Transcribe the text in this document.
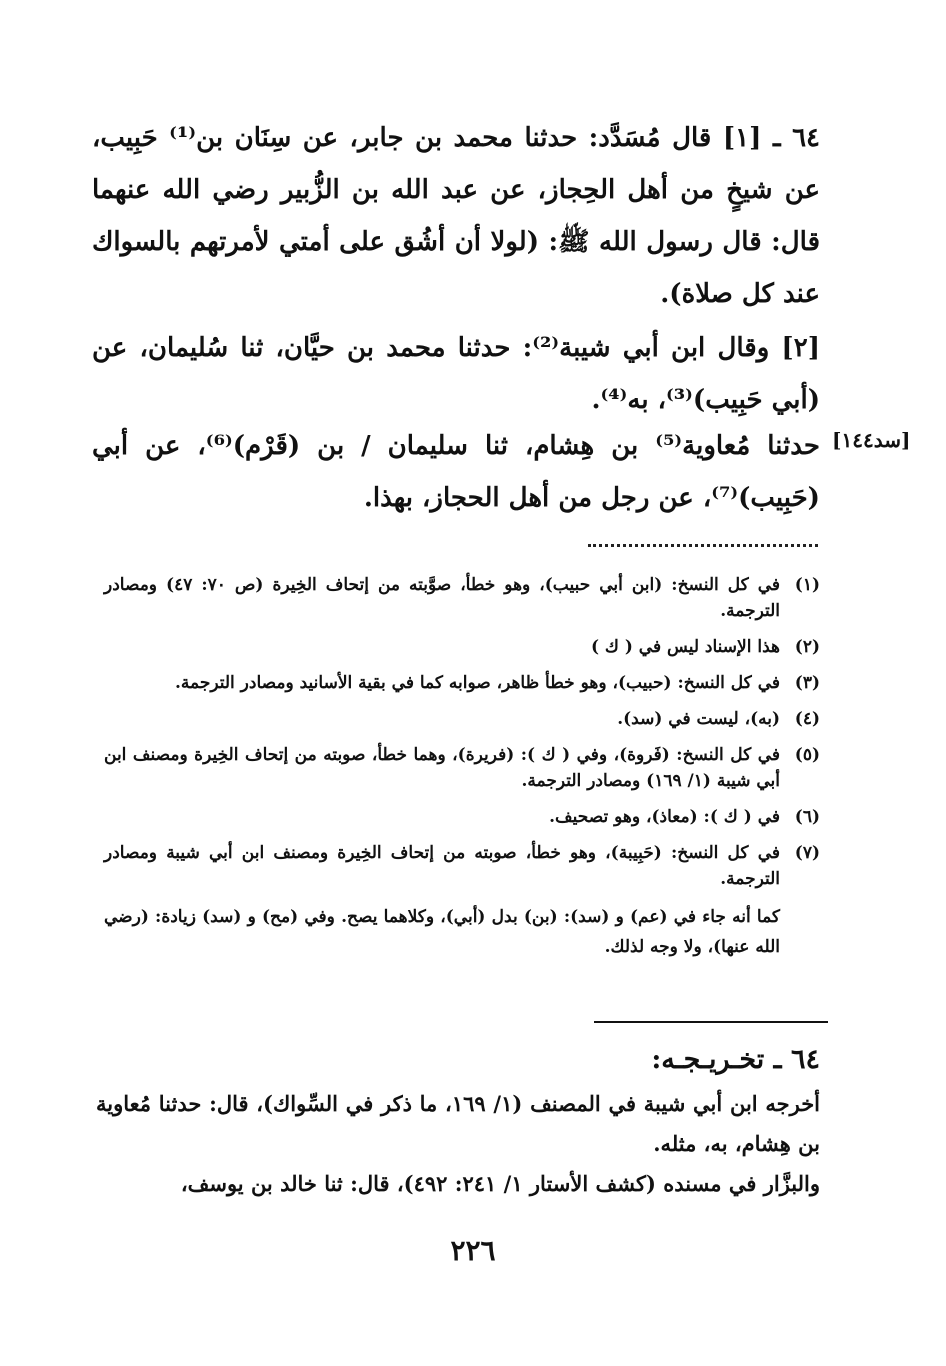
٦٤ ـ [١] قال مُسَدَّد: حدثنا محمد بن جابر، عن سِنَان بن⁽¹⁾ حَبِيب، عن شيخٍ من أهل الحِجاز، عن عبد الله بن الزُّبير رضي الله عنهما قال: قال رسول الله ﷺ: (لولا أن أشُق على أمتي لأمرتهم بالسواك عند كل صلاة).
[٢] وقال ابن أبي شيبة⁽²⁾: حدثنا محمد بن حيَّان، ثنا سُليمان، عن (أبي حَبِيب)⁽³⁾، به⁽⁴⁾.
حدثنا مُعاوية⁽⁵⁾ بن هِشام، ثنا سليمان / بن (قَرْم)⁽⁶⁾، عن أبي (حَبِيب)⁽⁷⁾، عن رجل من أهل الحجاز، بهذا.
[سد١٤٤]
(١)
في كل النسخ: (ابن أبي حبيب)، وهو خطأ، صوَّبته من إتحاف الخِيرة (ص ٧٠: ٤٧) ومصادر الترجمة.
(٢)
هذا الإسناد ليس في ( ك )
(٣)
في كل النسخ: (حبيب)، وهو خطأ ظاهر، صوابه كما في بقية الأسانيد ومصادر الترجمة.
(٤)
(به)، ليست في (سد).
(٥)
في كل النسخ: (فَروة)، وفي ( ك ): (فريرة)، وهما خطأ، صوبته من إتحاف الخِيرة ومصنف ابن أبي شيبة (١/ ١٦٩) ومصادر الترجمة.
(٦)
في ( ك ): (معاذ)، وهو تصحيف.
(٧)
في كل النسخ: (حَبِيبة)، وهو خطأ، صوبته من إتحاف الخِيرة ومصنف ابن أبي شيبة ومصادر الترجمة.
كما أنه جاء في (عم) و (سد): (بن) بدل (أبي)، وكلاهما يصح. وفي (مح) و (سد) زيادة: (رضي الله عنها)، ولا وجه لذلك.
٦٤ ـ تخـريـجـه:
أخرجه ابن أبي شيبة في المصنف (١/ ١٦٩، ما ذكر في السِّواك)، قال: حدثنا مُعاوية بن هِشام، به، مثله.
والبزَّار في مسنده (كشف الأستار ١/ ٢٤١: ٤٩٢)، قال: ثنا خالد بن يوسف،
٢٢٦
